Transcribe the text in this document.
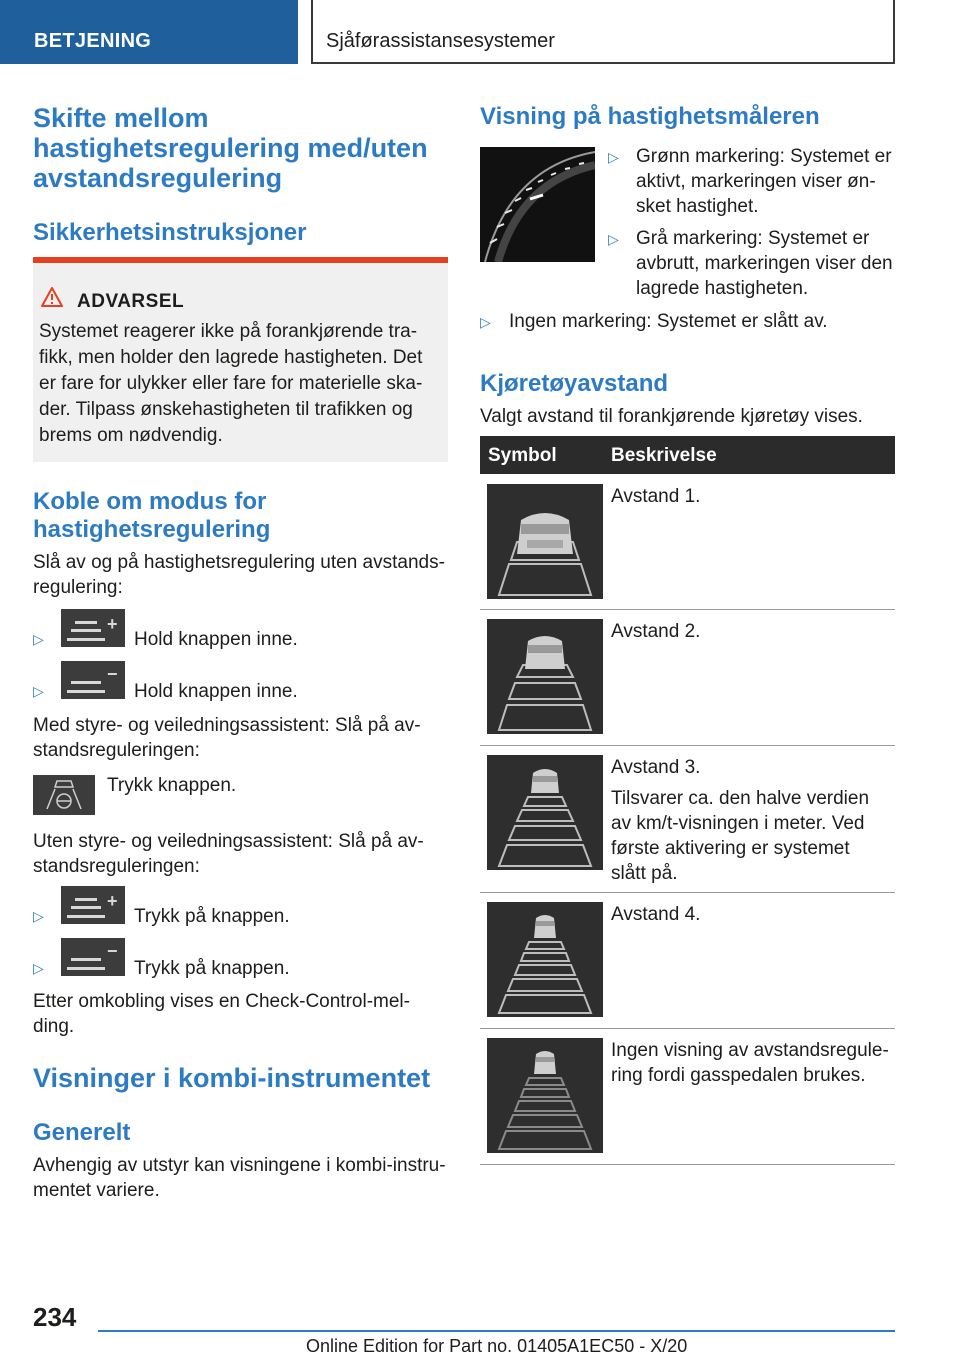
BETJENING	Sjåførassistansesystemer
Skifte mellom
hastighetsregulering med/uten
avstandsregulering
Sikkerhetsinstruksjoner
ADVARSEL
Systemet reagerer ikke på forankjørende tra-
fikk, men holder den lagrede hastigheten. Det
er fare for ulykker eller fare for materielle ska-
der. Tilpass ønskehastigheten til trafikken og
brems om nødvendig.
Koble om modus for
hastighetsregulering
Slå av og på hastighetsregulering uten avstands-
regulering:
▷
+
Hold knappen inne.
▷
−
Hold knappen inne.
Med styre- og veiledningsassistent: Slå på av-
standsreguleringen:
Trykk knappen.
Uten styre- og veiledningsassistent: Slå på av-
standsreguleringen:
▷
+
Trykk på knappen.
▷
−
Trykk på knappen.
Etter omkobling vises en Check-Control-mel-
ding.
Visninger i kombi-instrumentet
Generelt
Avhengig av utstyr kan visningene i kombi-instru-
mentet variere.
Visning på hastighetsmåleren
▷ Grønn markering: Systemet er
aktivt, markeringen viser øn-
sket hastighet.
▷ Grå markering: Systemet er
avbrutt, markeringen viser den
lagrede hastigheten.
▷ Ingen markering: Systemet er slått av.
Kjøretøyavstand
Valgt avstand til forankjørende kjøretøy vises.
Symbol	Beskrivelse
Avstand 1.
Avstand 2.
Avstand 3.
Tilsvarer ca. den halve verdien
av km/t-visningen i meter. Ved
første aktivering er systemet
slått på.
Avstand 4.
Ingen visning av avstandsregule-
ring fordi gasspedalen brukes.
234
Online Edition for Part no. 01405A1EC50 - X/20
